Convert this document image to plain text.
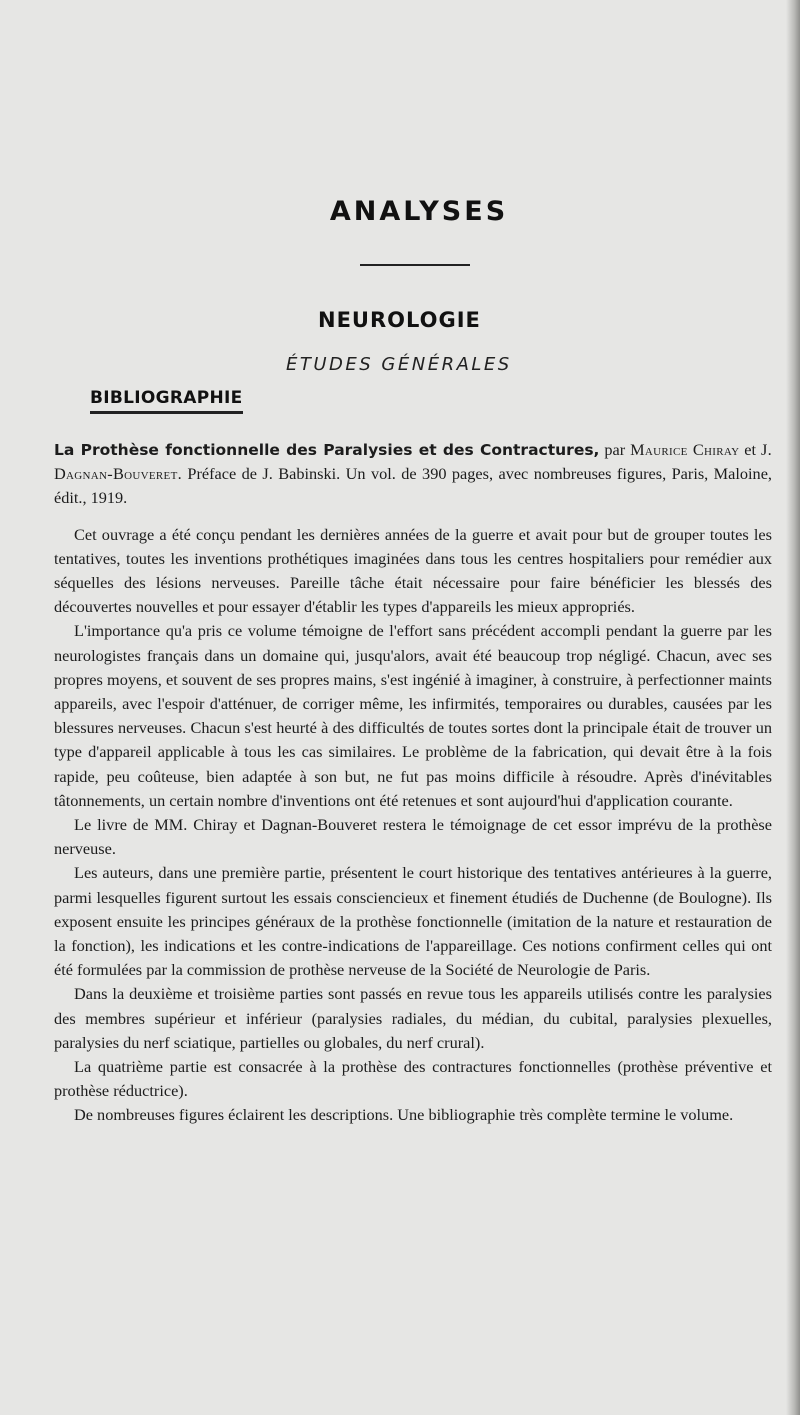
ANALYSES
NEUROLOGIE
ÉTUDES GÉNÉRALES
BIBLIOGRAPHIE

La Prothèse fonctionnelle des Paralysies et des Contractures, par Maurice Chiray et J. Dagnan-Bouveret. Préface de J. Babinski. Un vol. de 390 pages, avec nombreuses figures, Paris, Maloine, édit., 1919.

Cet ouvrage a été conçu pendant les dernières années de la guerre et avait pour but de grouper toutes les tentatives, toutes les inventions prothétiques imaginées dans tous les centres hospitaliers pour remédier aux séquelles des lésions nerveuses. Pareille tâche était nécessaire pour faire bénéficier les blessés des découvertes nouvelles et pour essayer d'établir les types d'appareils les mieux appropriés.

L'importance qu'a pris ce volume témoigne de l'effort sans précédent accompli pendant la guerre par les neurologistes français dans un domaine qui, jusqu'alors, avait été beaucoup trop négligé. Chacun, avec ses propres moyens, et souvent de ses propres mains, s'est ingénié à imaginer, à construire, à perfectionner maints appareils, avec l'espoir d'atténuer, de corriger même, les infirmités, temporaires ou durables, causées par les blessures nerveuses. Chacun s'est heurté à des difficultés de toutes sortes dont la principale était de trouver un type d'appareil applicable à tous les cas similaires. Le problème de la fabrication, qui devait être à la fois rapide, peu coûteuse, bien adaptée à son but, ne fut pas moins difficile à résoudre. Après d'inévitables tâtonnements, un certain nombre d'inventions ont été retenues et sont aujourd'hui d'application courante.

Le livre de MM. Chiray et Dagnan-Bouveret restera le témoignage de cet essor imprévu de la prothèse nerveuse.

Les auteurs, dans une première partie, présentent le court historique des tentatives antérieures à la guerre, parmi lesquelles figurent surtout les essais consciencieux et finement étudiés de Duchenne (de Boulogne). Ils exposent ensuite les principes généraux de la prothèse fonctionnelle (imitation de la nature et restauration de la fonction), les indications et les contre-indications de l'appareillage. Ces notions confirment celles qui ont été formulées par la commission de prothèse nerveuse de la Société de Neurologie de Paris.

Dans la deuxième et troisième parties sont passés en revue tous les appareils utilisés contre les paralysies des membres supérieur et inférieur (paralysies radiales, du médian, du cubital, paralysies plexuelles, paralysies du nerf sciatique, partielles ou globales, du nerf crural).

La quatrième partie est consacrée à la prothèse des contractures fonctionnelles (prothèse préventive et prothèse réductrice).

De nombreuses figures éclairent les descriptions. Une bibliographie très complète termine le volume.
